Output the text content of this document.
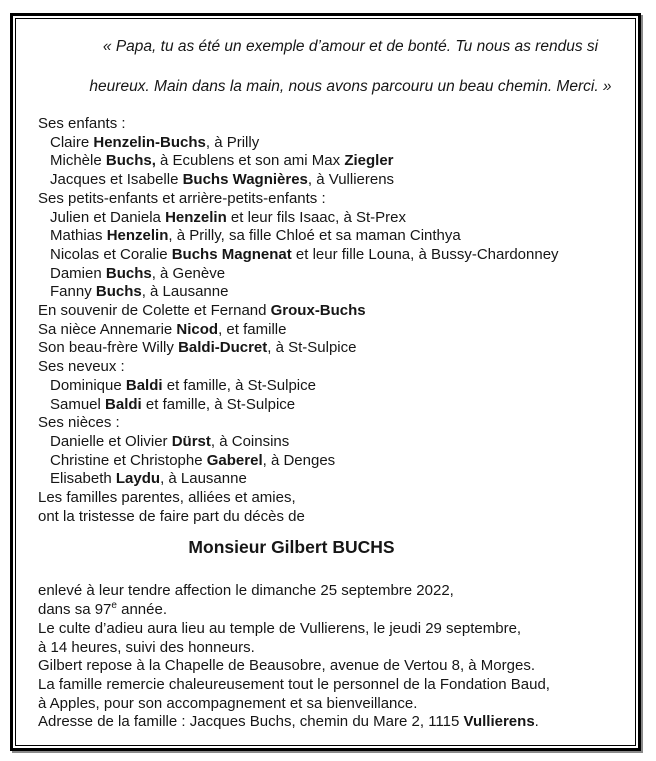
« Papa, tu as été un exemple d’amour et de bonté. Tu nous as rendus si
heureux. Main dans la main, nous avons parcouru un beau chemin. Merci. »
Ses enfants :
Claire Henzelin-Buchs, à Prilly
Michèle Buchs, à Ecublens et son ami Max Ziegler
Jacques et Isabelle Buchs Wagnières, à Vullierens
Ses petits-enfants et arrière-petits-enfants :
Julien et Daniela Henzelin et leur fils Isaac, à St-Prex
Mathias Henzelin, à Prilly, sa fille Chloé et sa maman Cinthya
Nicolas et Coralie Buchs Magnenat et leur fille Louna, à Bussy-Chardonney
Damien Buchs, à Genève
Fanny Buchs, à Lausanne
En souvenir de Colette et Fernand Groux-Buchs
Sa nièce Annemarie Nicod, et famille
Son beau-frère Willy Baldi-Ducret, à St-Sulpice
Ses neveux :
Dominique Baldi et famille, à St-Sulpice
Samuel Baldi et famille, à St-Sulpice
Ses nièces :
Danielle et Olivier Dürst, à Coinsins
Christine et Christophe Gaberel, à Denges
Elisabeth Laydu, à Lausanne
Les familles parentes, alliées et amies,
ont la tristesse de faire part du décès de
Monsieur Gilbert BUCHS
enlevé à leur tendre affection le dimanche 25 septembre 2022,
dans sa 97e année.
Le culte d’adieu aura lieu au temple de Vullierens, le jeudi 29 septembre,
à 14 heures, suivi des honneurs.
Gilbert repose à la Chapelle de Beausobre, avenue de Vertou 8, à Morges.
La famille remercie chaleureusement tout le personnel de la Fondation Baud,
à Apples, pour son accompagnement et sa bienveillance.
Adresse de la famille : Jacques Buchs, chemin du Mare 2, 1115 Vullierens.
